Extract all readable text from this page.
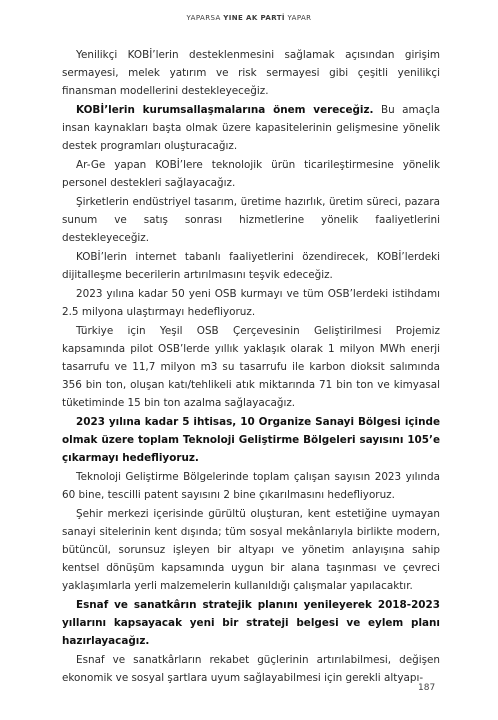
YAPARSA YINE AK PARTİ YAPAR

Yenilikçi KOBİ’lerin desteklenmesini sağlamak açısından girişim sermayesi, melek yatırım ve risk sermayesi gibi çeşitli yenilikçi finansman modellerini destekleyeceğiz.

KOBİ’lerin kurumsallaşmalarına önem vereceğiz. Bu amaçla insan kaynakları başta olmak üzere kapasitelerinin gelişmesine yönelik destek programları oluşturacağız.

Ar-Ge yapan KOBİ’lere teknolojik ürün ticarileştirmesine yönelik personel destekleri sağlayacağız.

Şirketlerin endüstriyel tasarım, üretime hazırlık, üretim süreci, pazara sunum ve satış sonrası hizmetlerine yönelik faaliyetlerini destekleyeceğiz.

KOBİ’lerin internet tabanlı faaliyetlerini özendirecek, KOBİ’lerdeki dijitalleşme becerilerin artırılmasını teşvik edeceğiz.

2023 yılına kadar 50 yeni OSB kurmayı ve tüm OSB’lerdeki istihdamı 2.5 milyona ulaştırmayı hedefliyoruz.

Türkiye için Yeşil OSB Çerçevesinin Geliştirilmesi Projemiz kapsamında pilot OSB’lerde yıllık yaklaşık olarak 1 milyon MWh enerji tasarrufu ve 11,7 milyon m3 su tasarrufu ile karbon dioksit salımında 356 bin ton, oluşan katı/tehlikeli atık miktarında 71 bin ton ve kimyasal tüketiminde 15 bin ton azalma sağlayacağız.

2023 yılına kadar 5 ihtisas, 10 Organize Sanayi Bölgesi içinde olmak üzere toplam Teknoloji Geliştirme Bölgeleri sayısını 105’e çıkarmayı hedefliyoruz.

Teknoloji Geliştirme Bölgelerinde toplam çalışan sayısın 2023 yılında 60 bine, tescilli patent sayısını 2 bine çıkarılmasını hedefliyoruz.

Şehir merkezi içerisinde gürültü oluşturan, kent estetiğine uymayan sanayi sitelerinin kent dışında; tüm sosyal mekânlarıyla birlikte modern, bütüncül, sorunsuz işleyen bir altyapı ve yönetim anlayışına sahip kentsel dönüşüm kapsamında uygun bir alana taşınması ve çevreci yaklaşımlarla yerli malzemelerin kullanıldığı çalışmalar yapılacaktır.

Esnaf ve sanatkârın stratejik planını yenileyerek 2018-2023 yıllarını kapsayacak yeni bir strateji belgesi ve eylem planı hazırlayacağız.

Esnaf ve sanatkârların rekabet güçlerinin artırılabilmesi, değişen ekonomik ve sosyal şartlara uyum sağlayabilmesi için gerekli altyapı-

187
